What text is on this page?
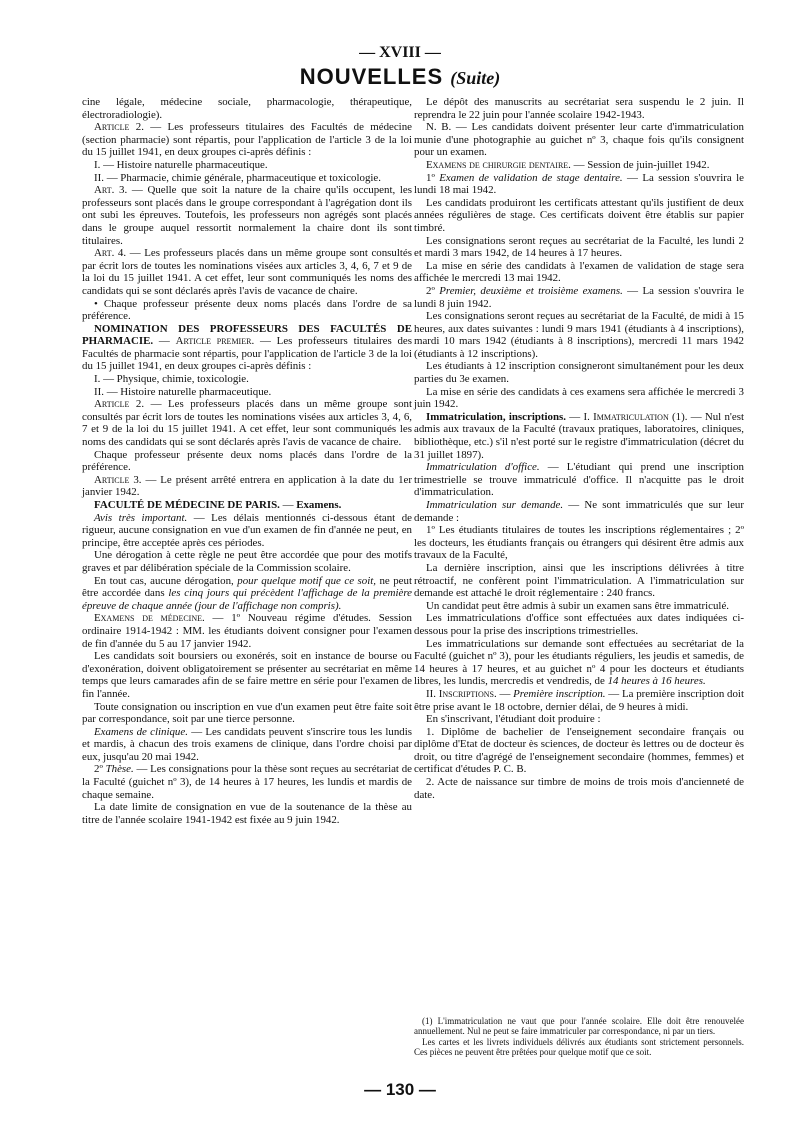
— XVIII —
NOUVELLES (Suite)

cine légale, médecine sociale, pharmacologie, thérapeutique, électroradiologie).

Article 2. — Les professeurs titulaires des Facultés de médecine (section pharmacie) sont répartis, pour l'application de l'article 3 de la loi du 15 juillet 1941, en deux groupes ci-après définis :

I. — Histoire naturelle pharmaceutique.

II. — Pharmacie, chimie générale, pharmaceutique et toxicologie.

Art. 3. — Quelle que soit la nature de la chaire qu'ils occupent, les professeurs sont placés dans le groupe correspondant à l'agrégation dont ils ont subi les épreuves. Toutefois, les professeurs non agrégés sont placés dans le groupe auquel ressortit normalement la chaire dont ils sont titulaires.

Art. 4. — Les professeurs placés dans un même groupe sont consultés par écrit lors de toutes les nominations visées aux articles 3, 4, 6, 7 et 9 de la loi du 15 juillet 1941. A cet effet, leur sont communiqués les noms des candidats qui se sont déclarés après l'avis de vacance de chaire.

• Chaque professeur présente deux noms placés dans l'ordre de sa préférence.

NOMINATION DES PROFESSEURS DES FACULTÉS DE PHARMACIE. — Article premier. — Les professeurs titulaires des Facultés de pharmacie sont répartis, pour l'application de l'article 3 de la loi du 15 juillet 1941, en deux groupes ci-après définis :

I. — Physique, chimie, toxicologie.

II. — Histoire naturelle pharmaceutique.

Article 2. — Les professeurs placés dans un même groupe sont consultés par écrit lors de toutes les nominations visées aux articles 3, 4, 6, 7 et 9 de la loi du 15 juillet 1941. A cet effet, leur sont communiqués les noms des candidats qui se sont déclarés après l'avis de vacance de chaire.

Chaque professeur présente deux noms placés dans l'ordre de la préférence.

Article 3. — Le présent arrêté entrera en application à la date du 1er janvier 1942.

FACULTÉ DE MÉDECINE DE PARIS. — Examens.

Avis très important. — Les délais mentionnés ci-dessous étant de rigueur, aucune consignation en vue d'un examen de fin d'année ne peut, en principe, être acceptée après ces périodes.

Une dérogation à cette règle ne peut être accordée que pour des motifs graves et par délibération spéciale de la Commission scolaire.

En tout cas, aucune dérogation, pour quelque motif que ce soit, ne peut être accordée dans les cinq jours qui précèdent l'affichage de la première épreuve de chaque année (jour de l'affichage non compris).

Examens de médecine. — 1º Nouveau régime d'études. Session ordinaire 1914-1942 : MM. les étudiants doivent consigner pour l'examen de fin d'année du 5 au 17 janvier 1942.

Les candidats soit boursiers ou exonérés, soit en instance de bourse ou d'exonération, doivent obligatoirement se présenter au secrétariat en même temps que leurs camarades afin de se faire mettre en série pour l'examen de fin l'année.

Toute consignation ou inscription en vue d'un examen peut être faite soit par correspondance, soit par une tierce personne.

Examens de clinique. — Les candidats peuvent s'inscrire tous les lundis et mardis, à chacun des trois examens de clinique, dans l'ordre choisi par eux, jusqu'au 20 mai 1942.

2º Thèse. — Les consignations pour la thèse sont reçues au secrétariat de la Faculté (guichet nº 3), de 14 heures à 17 heures, les lundis et mardis de chaque semaine.

La date limite de consignation en vue de la soutenance de la thèse au titre de l'année scolaire 1941-1942 est fixée au 9 juin 1942.

Le dépôt des manuscrits au secrétariat sera suspendu le 2 juin. Il reprendra le 22 juin pour l'année scolaire 1942-1943.

N. B. — Les candidats doivent présenter leur carte d'immatriculation munie d'une photographie au guichet nº 3, chaque fois qu'ils consignent pour un examen.

Examens de chirurgie dentaire. — Session de juin-juillet 1942.

1º Examen de validation de stage dentaire. — La session s'ouvrira le lundi 18 mai 1942.

Les candidats produiront les certificats attestant qu'ils justifient de deux années régulières de stage. Ces certificats doivent être établis sur papier timbré.

Les consignations seront reçues au secrétariat de la Faculté, les lundi 2 et mardi 3 mars 1942, de 14 heures à 17 heures.

La mise en série des candidats à l'examen de validation de stage sera affichée le mercredi 13 mai 1942.

2º Premier, deuxième et troisième examens. — La session s'ouvrira le lundi 8 juin 1942.

Les consignations seront reçues au secrétariat de la Faculté, de midi à 15 heures, aux dates suivantes : lundi 9 mars 1941 (étudiants à 4 inscriptions), mardi 10 mars 1942 (étudiants à 8 inscriptions), mercredi 11 mars 1942 (étudiants à 12 inscriptions).

Les étudiants à 12 inscription consigneront simultanément pour les deux parties du 3e examen.

La mise en série des candidats à ces examens sera affichée le mercredi 3 juin 1942.

Immatriculation, inscriptions. — I. Immatriculation (1). — Nul n'est admis aux travaux de la Faculté (travaux pratiques, laboratoires, cliniques, bibliothèque, etc.) s'il n'est porté sur le registre d'immatriculation (décret du 31 juillet 1897).

Immatriculation d'office. — L'étudiant qui prend une inscription trimestrielle se trouve immatriculé d'office. Il n'acquitte pas le droit d'immatriculation.

Immatriculation sur demande. — Ne sont immatriculés que sur leur demande :

1º Les étudiants titulaires de toutes les inscriptions réglementaires ; 2º les docteurs, les étudiants français ou étrangers qui désirent être admis aux travaux de la Faculté,

La dernière inscription, ainsi que les inscriptions délivrées à titre rétroactif, ne confèrent point l'immatriculation. A l'immatriculation sur demande est attaché le droit réglementaire : 240 francs.

Un candidat peut être admis à subir un examen sans être immatriculé.

Les immatriculations d'office sont effectuées aux dates indiquées ci-dessous pour la prise des inscriptions trimestrielles.

Les immatriculations sur demande sont effectuées au secrétariat de la Faculté (guichet nº 3), pour les étudiants réguliers, les jeudis et samedis, de 14 heures à 17 heures, et au guichet nº 4 pour les docteurs et étudiants libres, les lundis, mercredis et vendredis, de 14 heures à 16 heures.

II. Inscriptions. — Première inscription. — La première inscription doit être prise avant le 18 octobre, dernier délai, de 9 heures à midi.

En s'inscrivant, l'étudiant doit produire :

1. Diplôme de bachelier de l'enseignement secondaire français ou diplôme d'Etat de docteur ès sciences, de docteur ès lettres ou de docteur ès droit, ou titre d'agrégé de l'enseignement secondaire (hommes, femmes) et certificat d'études P. C. B.

2. Acte de naissance sur timbre de moins de trois mois d'ancienneté de date.

(1) L'immatriculation ne vaut que pour l'année scolaire. Elle doit être renouvelée annuellement. Nul ne peut se faire immatriculer par correspondance, ni par un tiers.

Les cartes et les livrets individuels délivrés aux étudiants sont strictement personnels. Ces pièces ne peuvent être prêtées pour quelque motif que ce soit.

— 130 —
